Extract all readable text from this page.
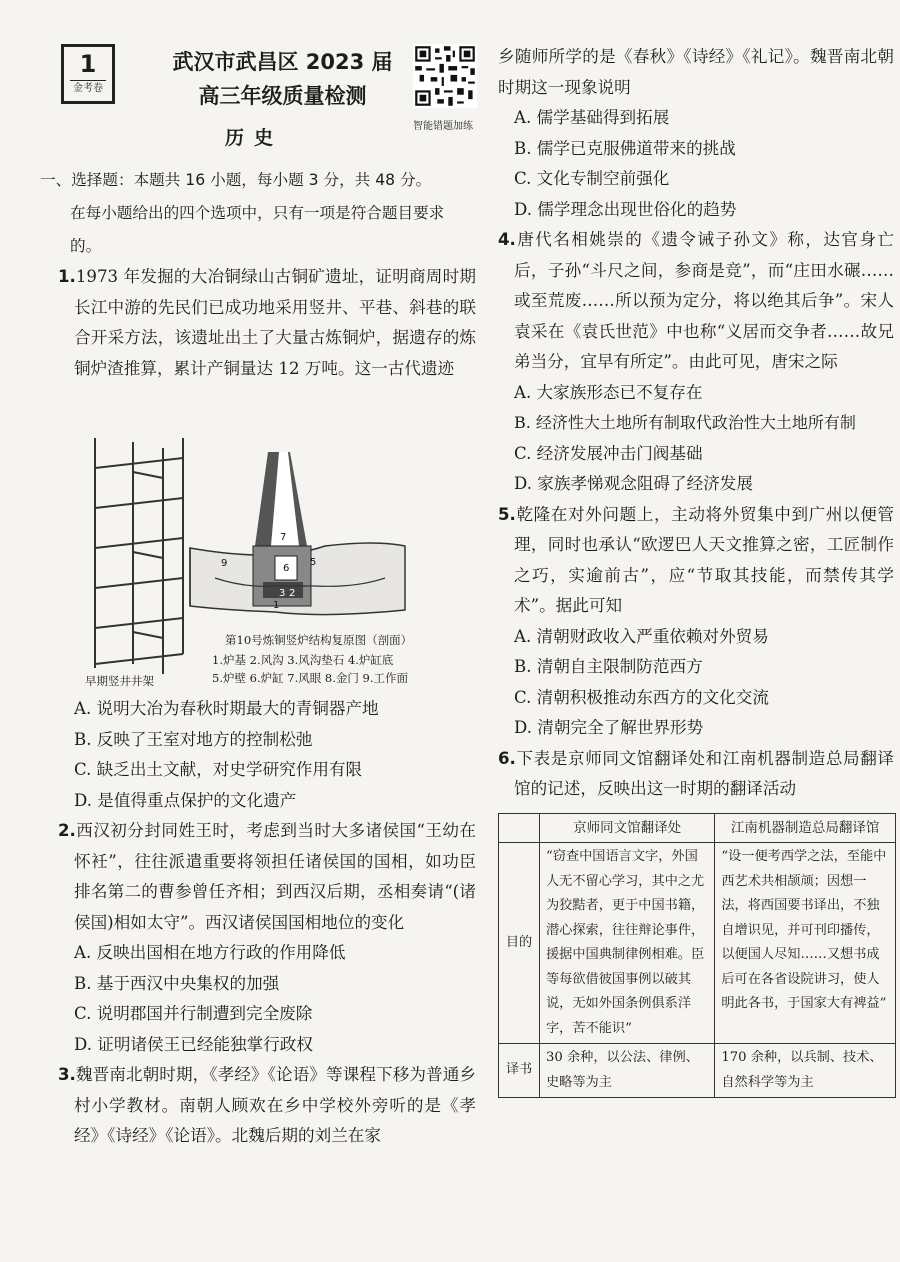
1
金考卷
武汉市武昌区 2023 届
高三年级质量检测
历史
智能错题加练
一、选择题：本题共 16 小题，每小题 3 分，共 48 分。
在每小题给出的四个选项中，只有一项是符合题目要求的。
1.1973 年发掘的大冶铜绿山古铜矿遗址，证明商周时期长江中游的先民们已成功地采用竖井、平巷、斜巷的联合开采方法，该遗址出土了大量古炼铜炉，据遗存的炼铜炉渣推算，累计产铜量达 12 万吨。这一古代遗迹
7
6
5
3 2
1
9
早期竖井井架
第10号炼铜竖炉结构复原图（剖面）
1.炉基 2.风沟 3.风沟垫石 4.炉缸底
5.炉壁 6.炉缸 7.风眼 8.金门 9.工作面
A. 说明大冶为春秋时期最大的青铜器产地
B. 反映了王室对地方的控制松弛
C. 缺乏出土文献，对史学研究作用有限
D. 是值得重点保护的文化遗产
2.西汉初分封同姓王时，考虑到当时大多诸侯国“王幼在怀衽”，往往派遣重要将领担任诸侯国的国相，如功臣排名第二的曹参曾任齐相；到西汉后期，丞相奏请“(诸侯国)相如太守”。西汉诸侯国国相地位的变化
A. 反映出国相在地方行政的作用降低
B. 基于西汉中央集权的加强
C. 说明郡国并行制遭到完全废除
D. 证明诸侯王已经能独掌行政权
3.魏晋南北朝时期，《孝经》《论语》等课程下移为普通乡村小学教材。南朝人顾欢在乡中学校外旁听的是《孝经》《诗经》《论语》。北魏后期的刘兰在家
乡随师所学的是《春秋》《诗经》《礼记》。魏晋南北朝时期这一现象说明
A. 儒学基础得到拓展
B. 儒学已克服佛道带来的挑战
C. 文化专制空前强化
D. 儒学理念出现世俗化的趋势
4.唐代名相姚崇的《遗令诫子孙文》称，达官身亡后，子孙“斗尺之间，参商是竞”，而“庄田水碾……或至荒废……所以预为定分，将以绝其后争”。宋人袁采在《袁氏世范》中也称“义居而交争者……故兄弟当分，宜早有所定”。由此可见，唐宋之际
A. 大家族形态已不复存在
B. 经济性大土地所有制取代政治性大土地所有制
C. 经济发展冲击门阀基础
D. 家族孝悌观念阻碍了经济发展
5.乾隆在对外问题上，主动将外贸集中到广州以便管理，同时也承认“欧逻巴人天文推算之密，工匠制作之巧，实逾前古”，应“节取其技能，而禁传其学术”。据此可知
A. 清朝财政收入严重依赖对外贸易
B. 清朝自主限制防范西方
C. 清朝积极推动东西方的文化交流
D. 清朝完全了解世界形势
6.下表是京师同文馆翻译处和江南机器制造总局翻译馆的记述，反映出这一时期的翻译活动
	京师同文馆翻译处	江南机器制造总局翻译馆
目的	“窃查中国语言文字，外国人无不留心学习，其中之尤为狡黠者，更于中国书籍，潜心探索，往往辩论事件，援据中国典制律例相难。臣等每欲借彼国事例以破其说，无如外国条例俱系洋字，苦不能识”	“设一便考西学之法，至能中西艺术共相颉颃；因想一法，将西国要书译出，不独自增识见，并可刊印播传，以便国人尽知……又想书成后可在各省设院讲习，使人明此各书，于国家大有裨益”
译书	30 余种，以公法、律例、史略等为主	170 余种，以兵制、技术、自然科学等为主
